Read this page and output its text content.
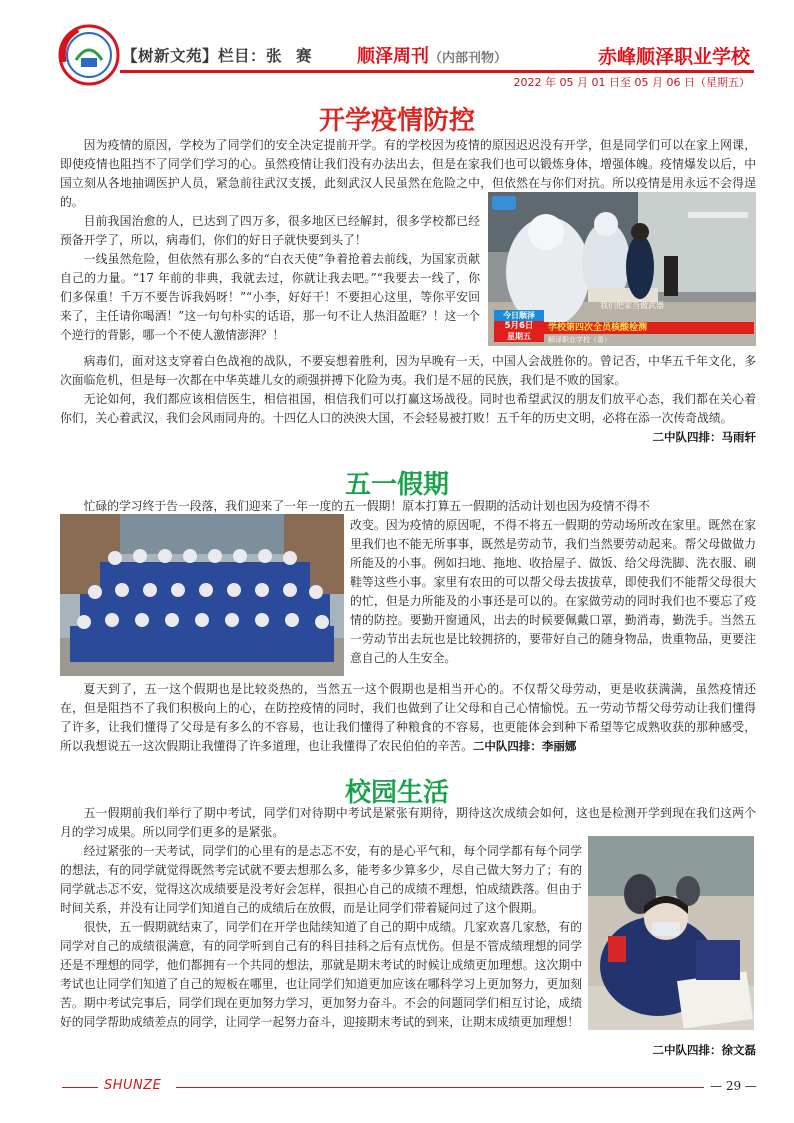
【树新文苑】栏目：张 赛 顺泽周刊（内部刊物）	赤峰顺泽职业学校
2022 年 05 月 01 日至 05 月 06 日（星期五）
开学疫情防控

因为疫情的原因，学校为了同学们的安全决定提前开学。有的学校因为疫情的原因迟迟没有开学，但是同学们可以在家上网课，即使疫情也阻挡不了同学们学习的心。虽然疫情让我们没有办法出去，但是在家我们也可以锻炼身体，增强体魄。疫情爆发以后，中国立刻从各地抽调医护人员，紧急前往武汉支援，此刻武汉人民虽然在危险之中，但依然在与你们对抗。所以疫情是用永远不会得逞的。

目前我国治愈的人，已达到了四万多，很多地区已经解封，很多学校都已经预备开学了，所以，病毒们，你们的好日子就快要到头了！

一线虽然危险，但依然有那么多的“白衣天使”争着抢着去前线，为国家贡献自己的力量。“17 年前的非典，我就去过，你就让我去吧。”“我要去一线了，你们多保重！千万不要告诉我妈呀！”“小李，好好干！不要担心这里，等你平安回来了，主任请你喝酒！”这一句句朴实的话语，那一句不让人热泪盈眶？！这一个个逆行的背影，哪一个不使人激情澎湃？！

我们把家当做武器
今日顺泽
5月6日
星期五
学校第四次全员核酸检测
顺泽职业学校（番）

病毒们，面对这支穿着白色战袍的战队，不要妄想着胜利，因为早晚有一天，中国人会战胜你的。曾记否，中华五千年文化，多次面临危机，但是每一次都在中华英雄儿女的顽强拼搏下化险为夷。我们是不屈的民族，我们是不败的国家。

无论如何，我们都应该相信医生，相信祖国，相信我们可以打赢这场战役。同时也希望武汉的朋友们放平心态，我们都在关心着你们，关心着武汉，我们会风雨同舟的。十四亿人口的泱泱大国，不会轻易被打败！五千年的历史文明，必将在添一次传奇战绩。

二中队四排：马雨轩

五一假期

忙碌的学习终于告一段落，我们迎来了一年一度的五一假期！原本打算五一假期的活动计划也因为疫情不得不

改变。因为疫情的原因呢，不得不将五一假期的劳动场所改在家里。既然在家里我们也不能无所事事，既然是劳动节，我们当然要劳动起来。帮父母做做力所能及的小事。例如扫地、拖地、收拾屋子、做饭、给父母洗脚、洗衣服、刷鞋等这些小事。家里有农田的可以帮父母去拔拔草，即使我们不能帮父母很大的忙，但是力所能及的小事还是可以的。在家做劳动的同时我们也不要忘了疫情的防控。要勤开窗通风，出去的时候要佩戴口罩，勤消毒，勤洗手。当然五一劳动节出去玩也是比较拥挤的，要带好自己的随身物品，贵重物品，更要注意自己的人生安全。

夏天到了，五一这个假期也是比较炎热的，当然五一这个假期也是相当开心的。不仅帮父母劳动，更是收获满满，虽然疫情还在，但是阻挡不了我们积极向上的心，在防控疫情的同时，我们也做到了让父母和自己心情愉悦。五一劳动节帮父母劳动让我们懂得了许多，让我们懂得了父母是有多么的不容易，也让我们懂得了种粮食的不容易，也更能体会到种下希望等它成熟收获的那种感受，所以我想说五一这次假期让我懂得了许多道理，也让我懂得了农民伯伯的辛苦。二中队四排：李丽娜

校园生活

五一假期前我们举行了期中考试，同学们对待期中考试是紧张有期待，期待这次成绩会如何，这也是检测开学到现在我们这两个月的学习成果。所以同学们更多的是紧张。

经过紧张的一天考试，同学们的心里有的是忐忑不安，有的是心平气和，每个同学都有每个同学的想法，有的同学就觉得既然考完试就不要去想那么多，能考多少算多少，尽自己做大努力了；有的同学就忐忑不安，觉得这次成绩要是没考好会怎样，很担心自己的成绩不理想，怕成绩跌落。但由于时间关系，并没有让同学们知道自己的成绩后在放假，而是让同学们带着疑问过了这个假期。

很快，五一假期就结束了，同学们在开学也陆续知道了自己的期中成绩。几家欢喜几家愁，有的同学对自己的成绩很满意，有的同学听到自己有的科目挂科之后有点忧伤。但是不管成绩理想的同学还是不理想的同学，他们都拥有一个共同的想法，那就是期末考试的时候让成绩更加理想。这次期中考试也让同学们知道了自己的短板在哪里，也让同学们知道更加应该在哪科学习上更加努力，更加刻苦。期中考试完事后，同学们现在更加努力学习，更加努力奋斗。不会的问题同学们相互讨论，成绩好的同学帮助成绩差点的同学，让同学一起努力奋斗，迎接期末考试的到来，让期末成绩更加理想！

二中队四排：徐文磊

SHUNZE	— 29 —
